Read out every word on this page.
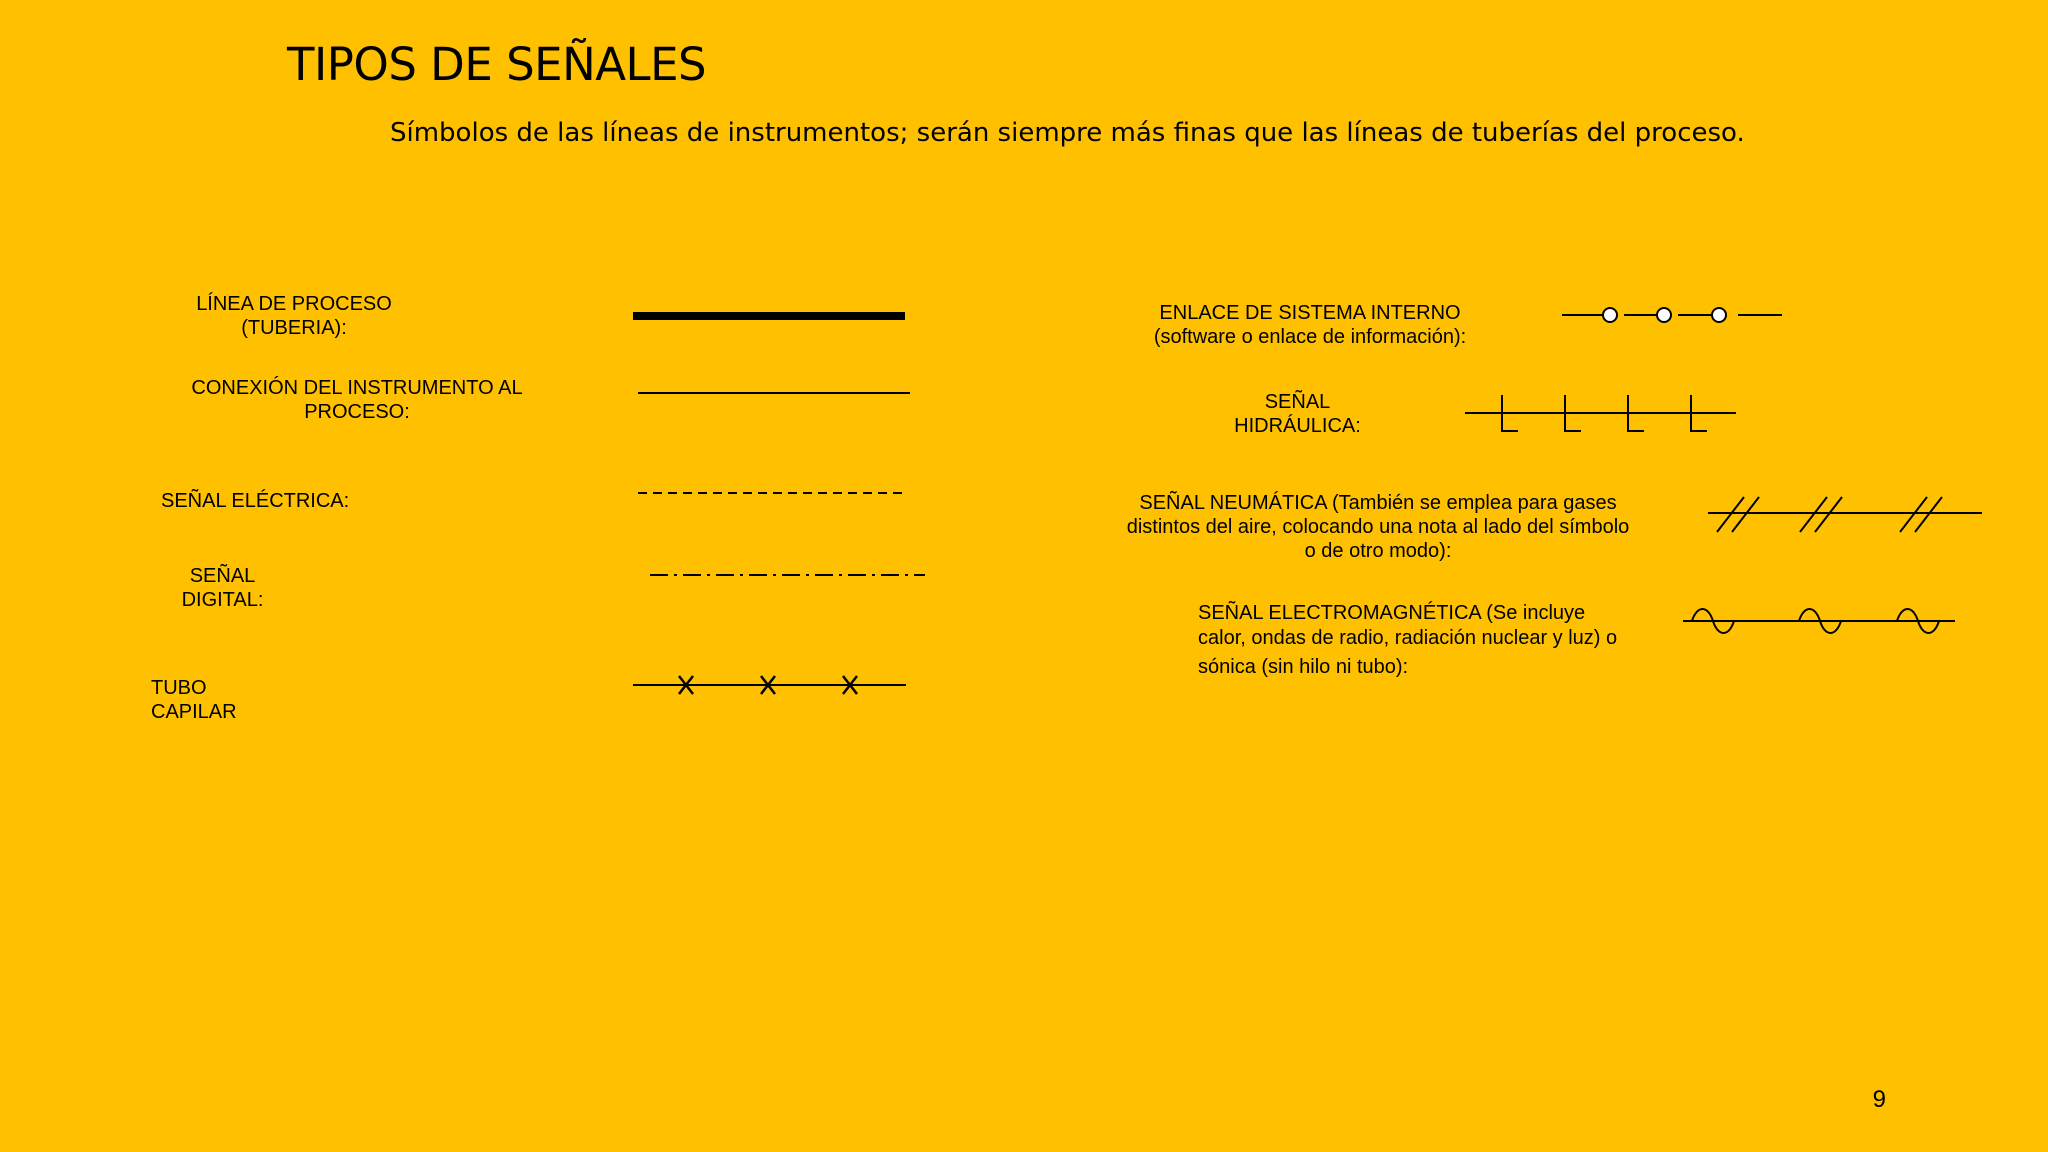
TIPOS DE SEÑALES

Símbolos de las líneas de instrumentos; serán siempre más finas que las líneas de tuberías del proceso.

LÍNEA DE PROCESO
(TUBERIA):
CONEXIÓN DEL INSTRUMENTO AL
PROCESO:
SEÑAL ELÉCTRICA:
SEÑAL
DIGITAL:
TUBO
CAPILAR
ENLACE DE SISTEMA INTERNO
(software o enlace de información):
SEÑAL
HIDRÁULICA:
SEÑAL NEUMÁTICA (También se emplea para gases
distintos del aire, colocando una nota al lado del símbolo
o de otro modo):
SEÑAL ELECTROMAGNÉTICA (Se incluye
calor, ondas de radio, radiación nuclear y luz) o
sónica (sin hilo ni tubo):
9
